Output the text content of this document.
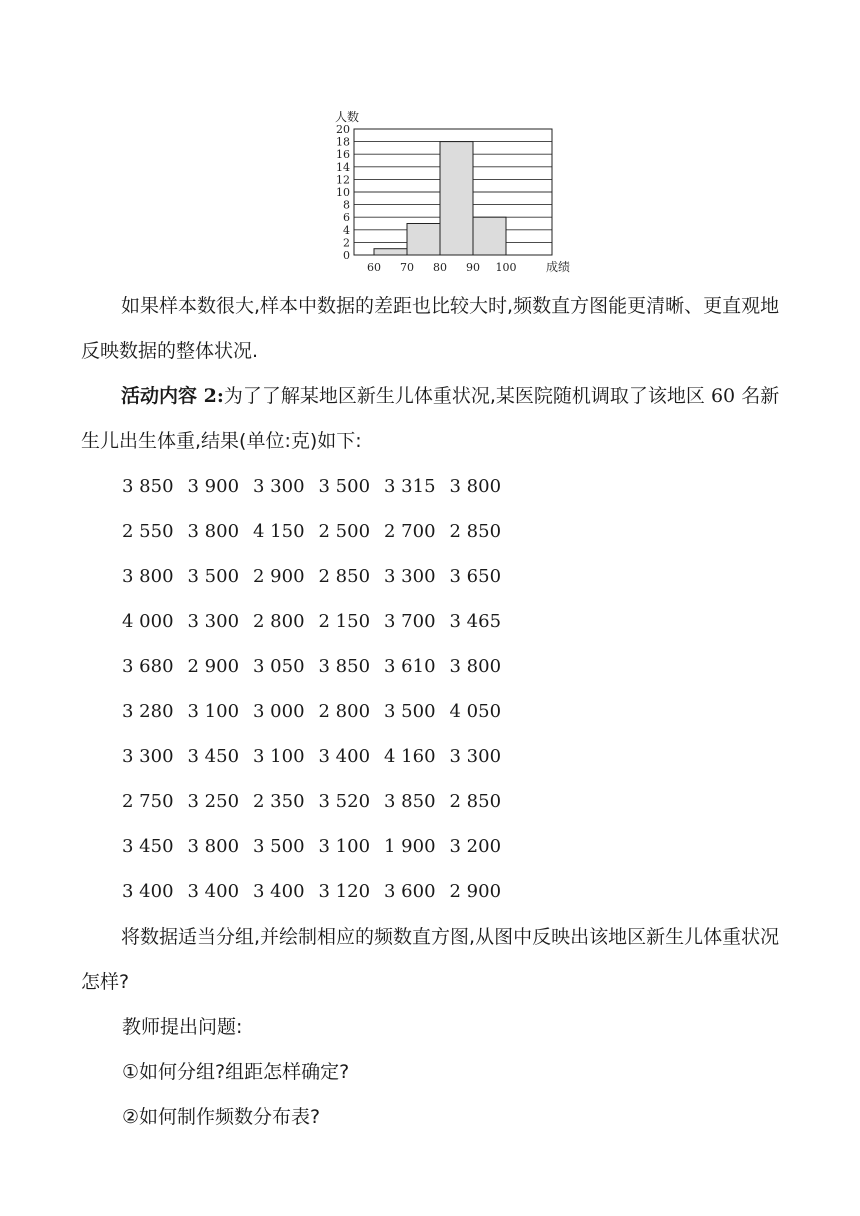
人数
成绩
0
2
4
6
8
10
12
14
16
18
20
60 70 80 90 100

如果样本数很大,样本中数据的差距也比较大时,频数直方图能更清晰、更直观地反映数据的整体状况.

活动内容 2:为了了解某地区新生儿体重状况,某医院随机调取了该地区 60 名新生儿出生体重,结果(单位:克)如下:

3 850	3 900	3 300	3 500	3 315	3 800
2 550	3 800	4 150	2 500	2 700	2 850
3 800	3 500	2 900	2 850	3 300	3 650
4 000	3 300	2 800	2 150	3 700	3 465
3 680	2 900	3 050	3 850	3 610	3 800
3 280	3 100	3 000	2 800	3 500	4 050
3 300	3 450	3 100	3 400	4 160	3 300
2 750	3 250	2 350	3 520	3 850	2 850
3 450	3 800	3 500	3 100	1 900	3 200
3 400	3 400	3 400	3 120	3 600	2 900

将数据适当分组,并绘制相应的频数直方图,从图中反映出该地区新生儿体重状况怎样?

教师提出问题:

①如何分组?组距怎样确定?

②如何制作频数分布表?
